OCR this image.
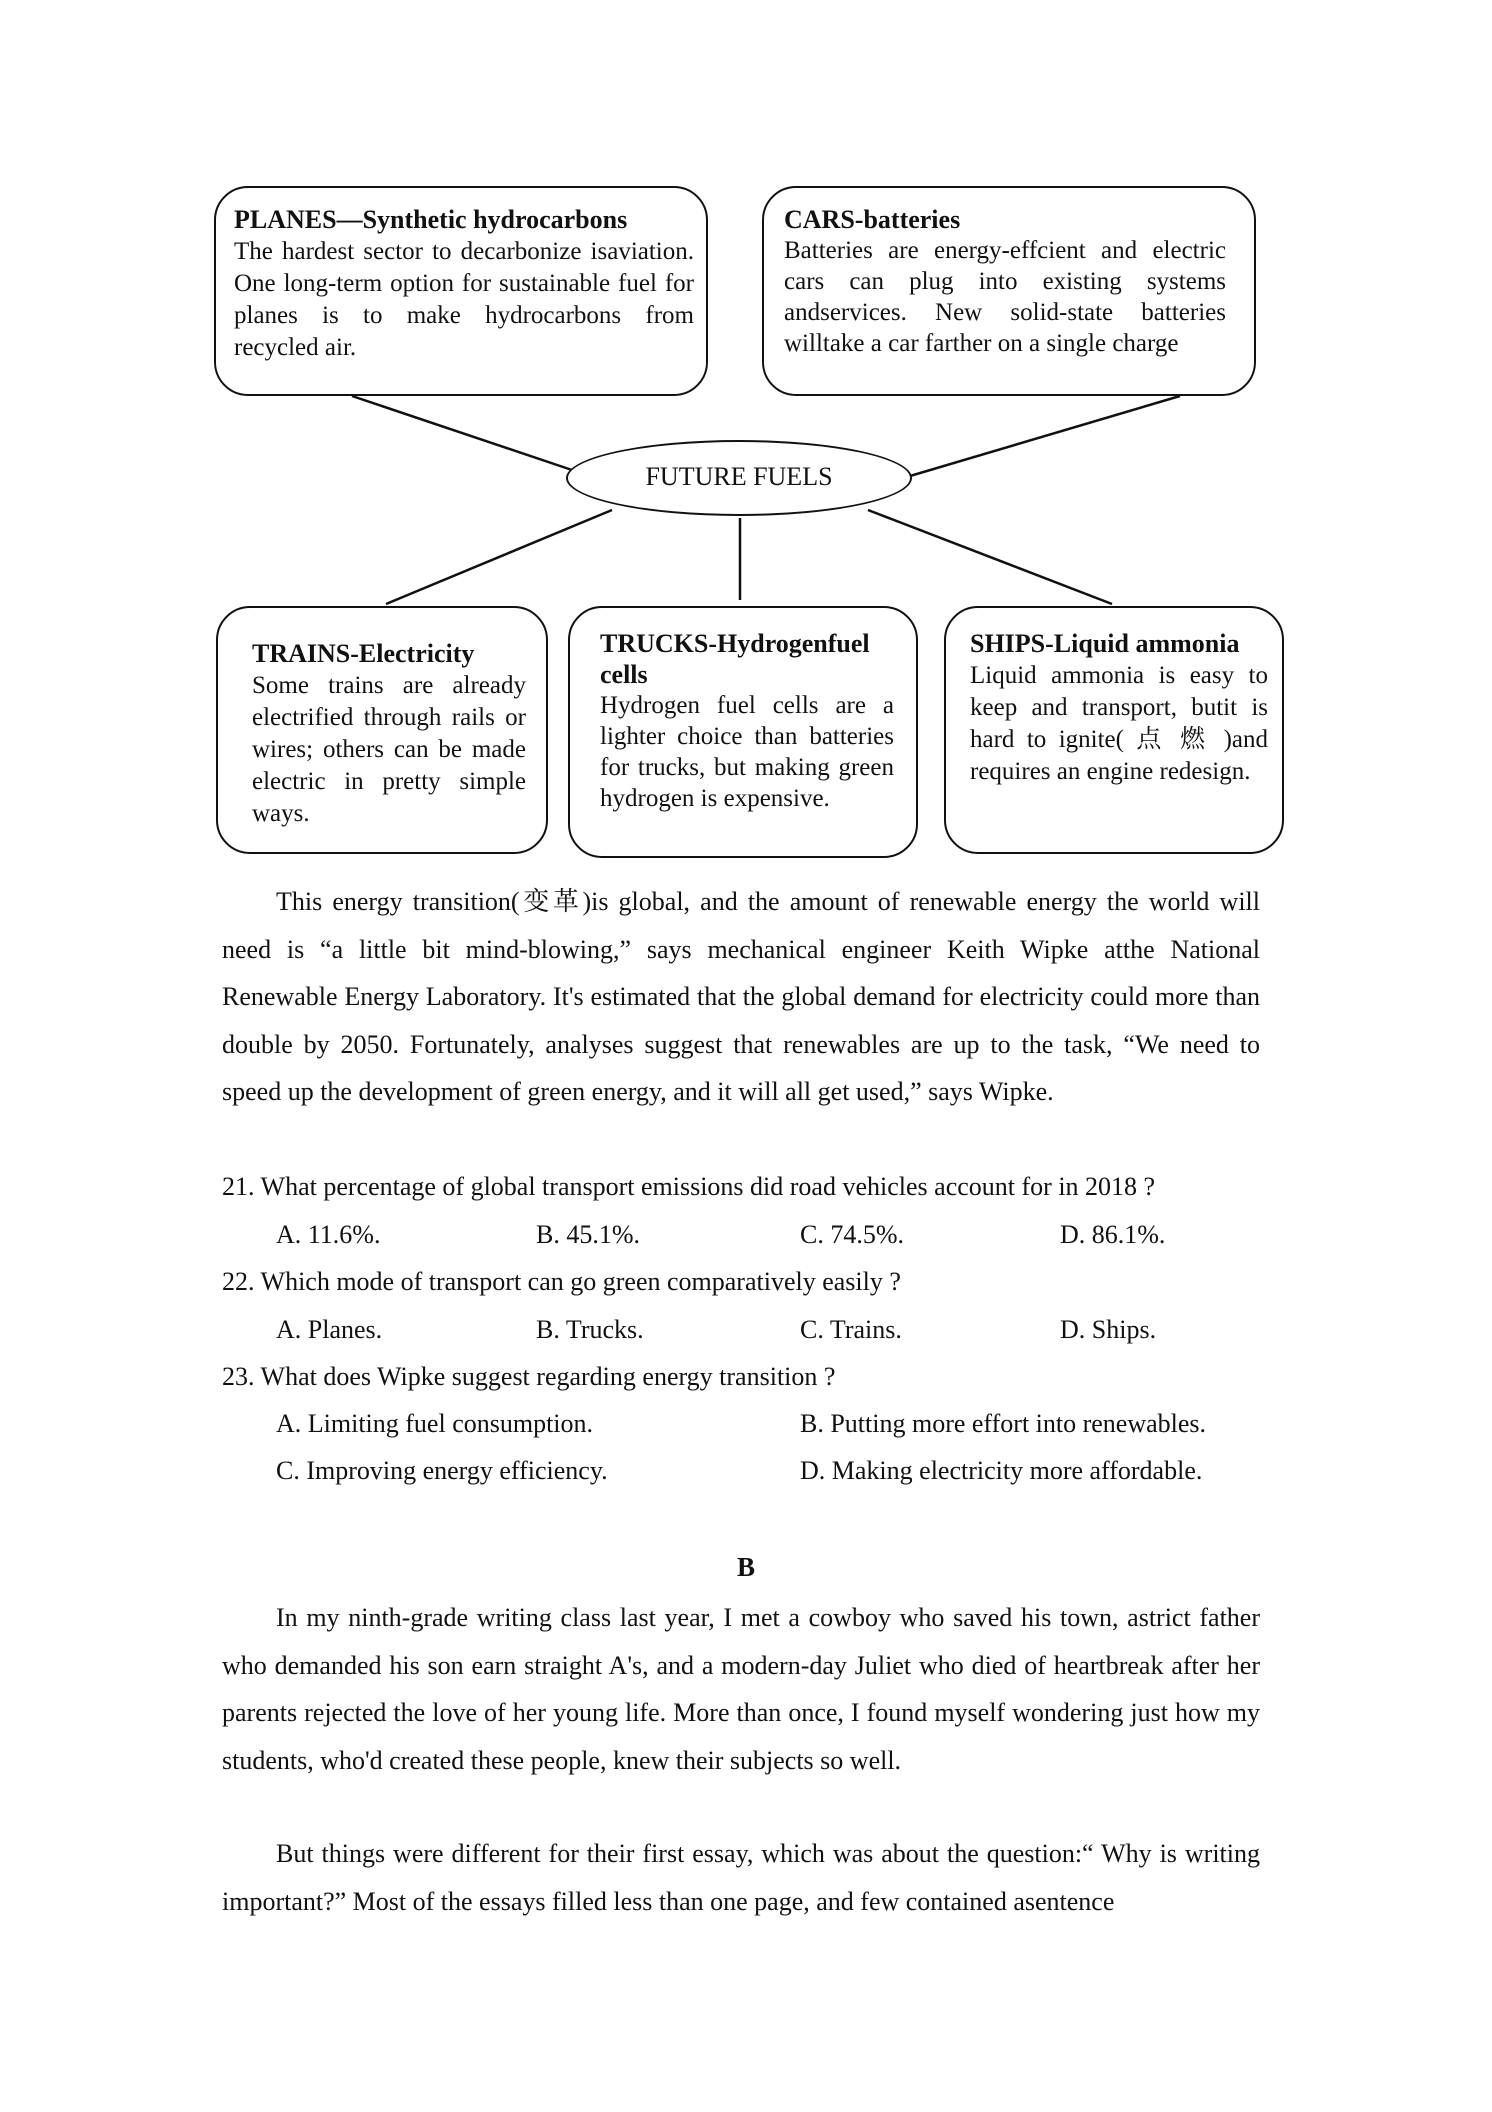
PLANES—Synthetic hydrocarbons
The hardest sector to decarbonize isaviation. One long-term option for sustainable fuel for planes is to make hydrocarbons from recycled air.
CARS-batteries
Batteries are energy-effcient and electric cars can plug into existing systems andservices. New solid-state batteries willtake a car farther on a single charge
FUTURE FUELS
TRAINS-Electricity
Some trains are already electrified through rails or wires; others can be made electric in pretty simple ways.
TRUCKS-Hydrogenfuel cells
Hydrogen fuel cells are a lighter choice than batteries for trucks, but making green hydrogen is expensive.
SHIPS-Liquid ammonia
Liquid ammonia is easy to keep and transport, butit is hard to ignite( 点 燃 )and requires an engine redesign.

This energy transition(变革)is global, and the amount of renewable energy the world will need is “a little bit mind-blowing,” says mechanical engineer Keith Wipke atthe National Renewable Energy Laboratory. It's estimated that the global demand for electricity could more than double by 2050. Fortunately, analyses suggest that renewables are up to the task, “We need to speed up the development of green energy, and it will all get used,” says Wipke.

21. What percentage of global transport emissions did road vehicles account for in 2018 ?
A. 11.6%.	B. 45.1%.	C. 74.5%.	D. 86.1%.
22. Which mode of transport can go green comparatively easily ?
A. Planes.	B. Trucks.	C. Trains.	D. Ships.
23. What does Wipke suggest regarding energy transition ?
A. Limiting fuel consumption.	B. Putting more effort into renewables.
C. Improving energy efficiency.	D. Making electricity more affordable.
B

In my ninth-grade writing class last year, I met a cowboy who saved his town, astrict father who demanded his son earn straight A's, and a modern-day Juliet who died of heartbreak after her parents rejected the love of her young life. More than once, I found myself wondering just how my students, who'd created these people, knew their subjects so well.

But things were different for their first essay, which was about the question:“ Why is writing important?” Most of the essays filled less than one page, and few contained asentence
